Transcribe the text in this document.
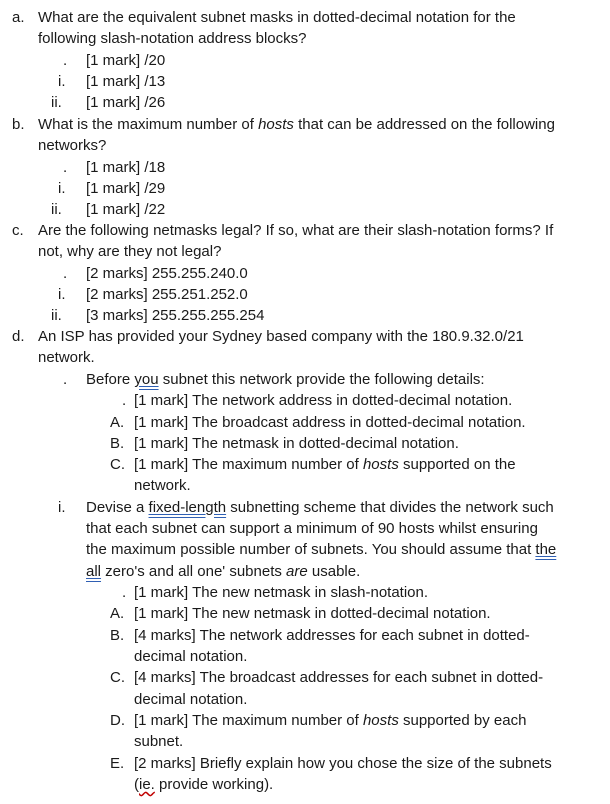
a. What are the equivalent subnet masks in dotted-decimal notation for the
following slash-notation address blocks?
. [1 mark] /20
i. [1 mark] /13
ii. [1 mark] /26
b. What is the maximum number of hosts that can be addressed on the following
networks?
. [1 mark] /18
i. [1 mark] /29
ii. [1 mark] /22
c. Are the following netmasks legal? If so, what are their slash-notation forms? If
not, why are they not legal?
. [2 marks] 255.255.240.0
i. [2 marks] 255.251.252.0
ii. [3 marks] 255.255.255.254
d. An ISP has provided your Sydney based company with the 180.9.32.0/21
network.
. Before you subnet this network provide the following details:
. [1 mark] The network address in dotted-decimal notation.
A. [1 mark] The broadcast address in dotted-decimal notation.
B. [1 mark] The netmask in dotted-decimal notation.
C. [1 mark] The maximum number of hosts supported on the
network.
i. Devise a fixed-length subnetting scheme that divides the network such
that each subnet can support a minimum of 90 hosts whilst ensuring
the maximum possible number of subnets. You should assume that the
all zero's and all one' subnets are usable.
. [1 mark] The new netmask in slash-notation.
A. [1 mark] The new netmask in dotted-decimal notation.
B. [4 marks] The network addresses for each subnet in dotted-
decimal notation.
C. [4 marks] The broadcast addresses for each subnet in dotted-
decimal notation.
D. [1 mark] The maximum number of hosts supported by each
subnet.
E. [2 marks] Briefly explain how you chose the size of the subnets
(ie. provide working).
